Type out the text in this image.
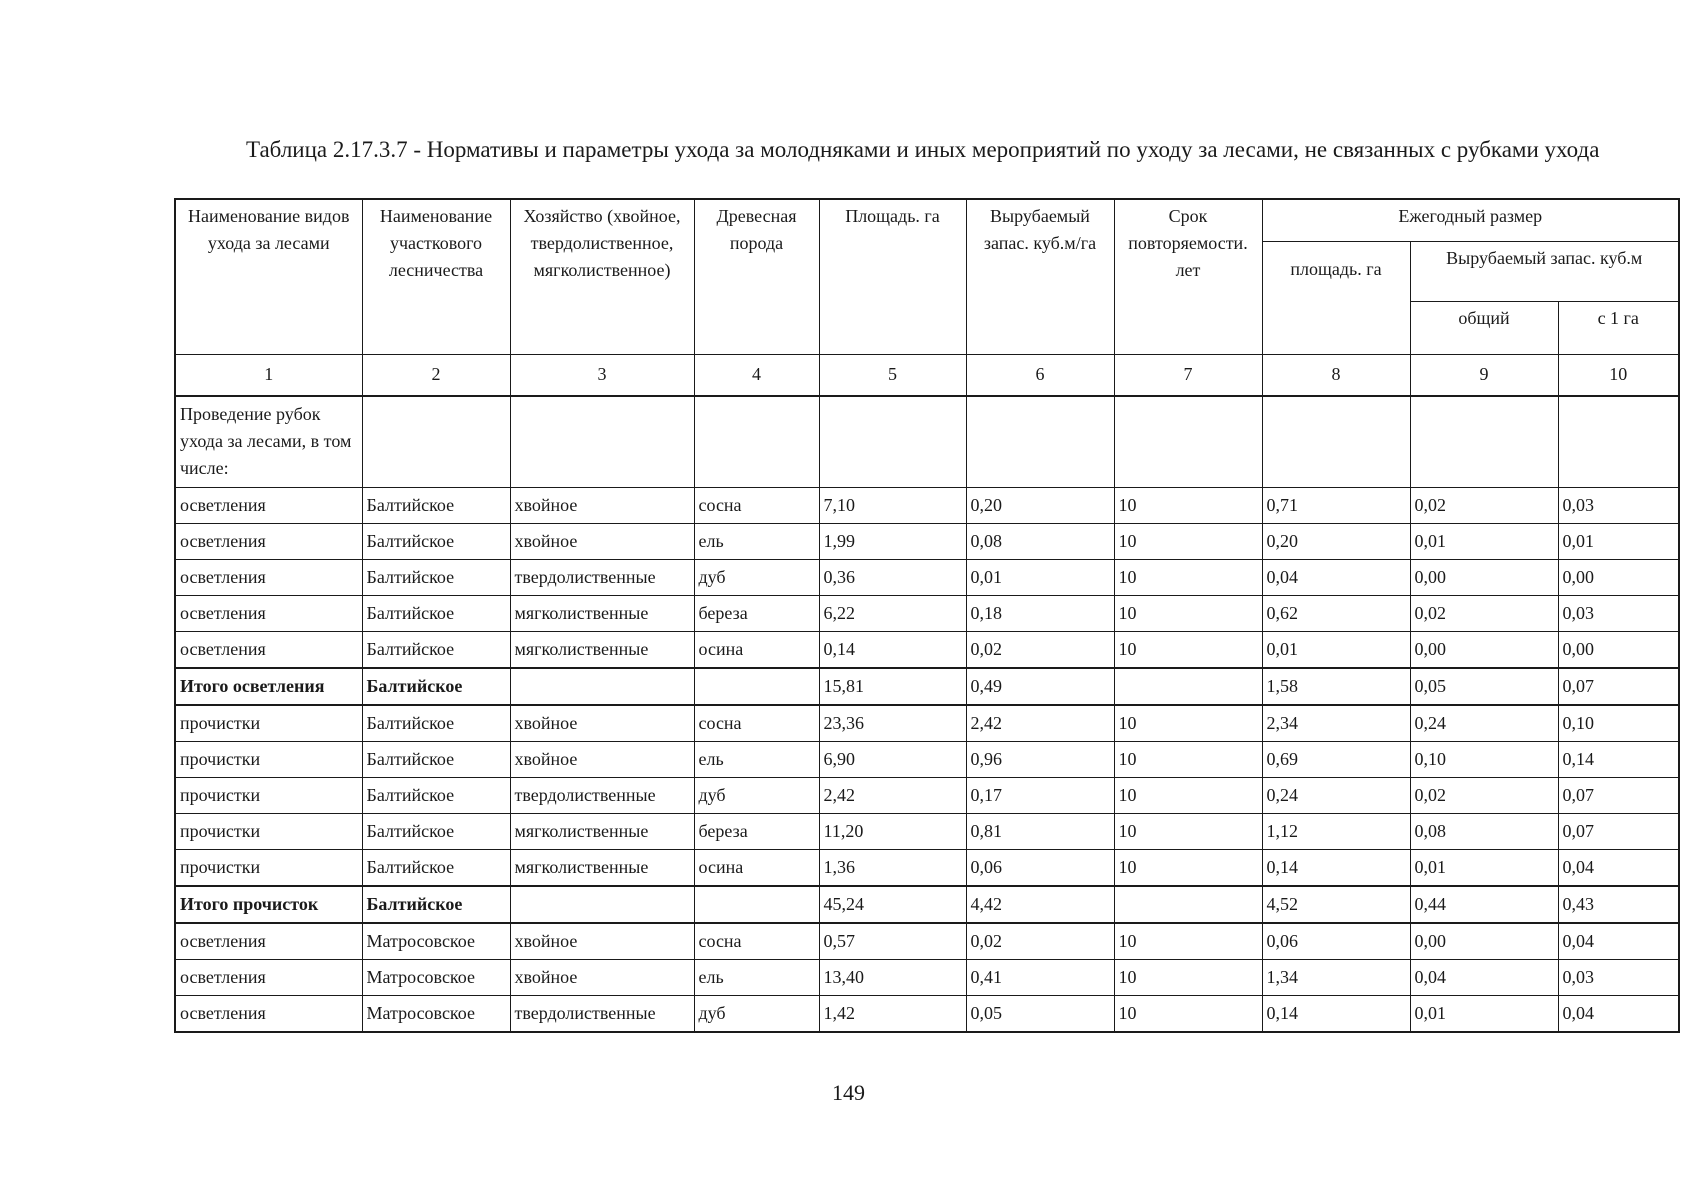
Таблица 2.17.3.7 - Нормативы и параметры ухода за молодняками и иных мероприятий по уходу за лесами, не связанных с рубками ухода

Наименование видов ухода за лесами	Наименование участкового лесничества	Хозяйство (хвойное, твердолиственное, мягколиственное)	Древесная порода	Площадь. га	Вырубаемый запас. куб.м/га	Срок повторяемости. лет	Ежегодный размер		
							площадь. га	Вырубаемый запас. куб.м	
								общий	с 1 га
1	2	3	4	5	6	7	8	9	10
Проведение рубок ухода за лесами, в том числе:									
осветления	Балтийское	хвойное	сосна	7,10	0,20	10	0,71	0,02	0,03
осветления	Балтийское	хвойное	ель	1,99	0,08	10	0,20	0,01	0,01
осветления	Балтийское	твердолиственные	дуб	0,36	0,01	10	0,04	0,00	0,00
осветления	Балтийское	мягколиственные	береза	6,22	0,18	10	0,62	0,02	0,03
осветления	Балтийское	мягколиственные	осина	0,14	0,02	10	0,01	0,00	0,00
Итого осветления	Балтийское			15,81	0,49		1,58	0,05	0,07
прочистки	Балтийское	хвойное	сосна	23,36	2,42	10	2,34	0,24	0,10
прочистки	Балтийское	хвойное	ель	6,90	0,96	10	0,69	0,10	0,14
прочистки	Балтийское	твердолиственные	дуб	2,42	0,17	10	0,24	0,02	0,07
прочистки	Балтийское	мягколиственные	береза	11,20	0,81	10	1,12	0,08	0,07
прочистки	Балтийское	мягколиственные	осина	1,36	0,06	10	0,14	0,01	0,04
Итого прочисток	Балтийское			45,24	4,42		4,52	0,44	0,43
осветления	Матросовское	хвойное	сосна	0,57	0,02	10	0,06	0,00	0,04
осветления	Матросовское	хвойное	ель	13,40	0,41	10	1,34	0,04	0,03
осветления	Матросовское	твердолиственные	дуб	1,42	0,05	10	0,14	0,01	0,04
149
